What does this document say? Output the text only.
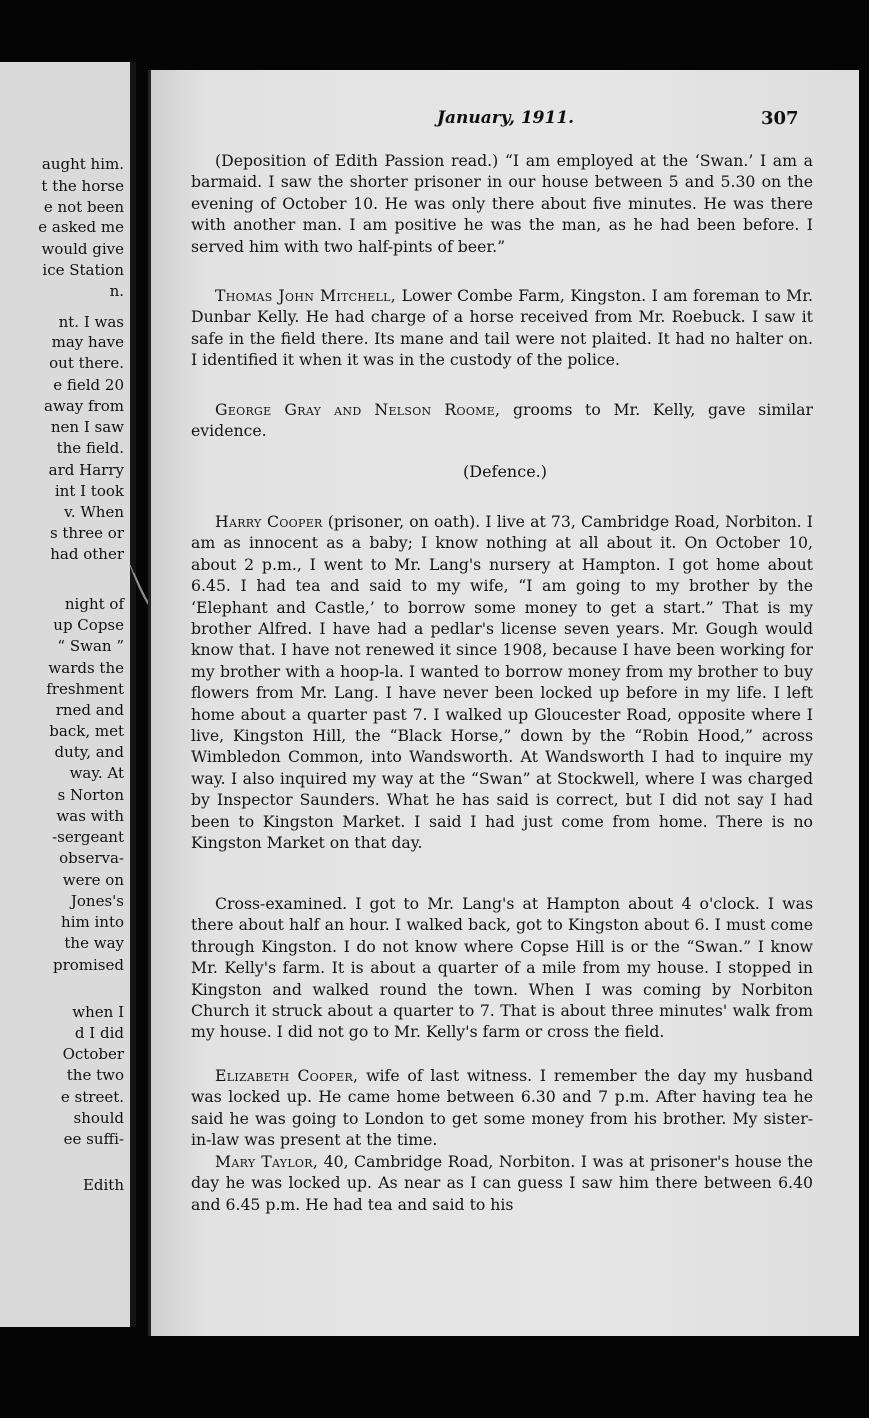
aught him.
t the horse
e not been
e asked me
would give
ice Station
n.
nt. I was
may have
out there.
e field 20
away from
nen I saw
the field.
ard Harry
int I took
v. When
s three or
had other
night of
up Copse
“ Swan ”
wards the
freshment
rned and
back, met
duty, and
way. At
s Norton
was with
-sergeant
observa-
were on
Jones's
him into
the way
promised
when I
d I did
October
the two
e street.
should
ee suffi-
Edith
January, 1911.	307

(Deposition of Edith Passion read.) “I am employed at the ‘Swan.’ I am a barmaid. I saw the shorter prisoner in our house between 5 and 5.30 on the evening of October 10. He was only there about five minutes. He was there with another man. I am positive he was the man, as he had been before. I served him with two half-pints of beer.”

Thomas John Mitchell, Lower Combe Farm, Kingston. I am foreman to Mr. Dunbar Kelly. He had charge of a horse received from Mr. Roebuck. I saw it safe in the field there. Its mane and tail were not plaited. It had no halter on. I identified it when it was in the custody of the police.

George Gray and Nelson Roome, grooms to Mr. Kelly, gave similar evidence.

(Defence.)

Harry Cooper (prisoner, on oath). I live at 73, Cambridge Road, Norbiton. I am as innocent as a baby; I know nothing at all about it. On October 10, about 2 p.m., I went to Mr. Lang's nursery at Hampton. I got home about 6.45. I had tea and said to my wife, “I am going to my brother by the ‘Elephant and Castle,’ to borrow some money to get a start.” That is my brother Alfred. I have had a pedlar's license seven years. Mr. Gough would know that. I have not renewed it since 1908, because I have been working for my brother with a hoop-la. I wanted to borrow money from my brother to buy flowers from Mr. Lang. I have never been locked up before in my life. I left home about a quarter past 7. I walked up Gloucester Road, opposite where I live, Kingston Hill, the “Black Horse,” down by the “Robin Hood,” across Wimbledon Common, into Wandsworth. At Wandsworth I had to inquire my way. I also inquired my way at the “Swan” at Stockwell, where I was charged by Inspector Saunders. What he has said is correct, but I did not say I had been to Kingston Market. I said I had just come from home. There is no Kingston Market on that day.

Cross-examined. I got to Mr. Lang's at Hampton about 4 o'clock. I was there about half an hour. I walked back, got to Kingston about 6. I must come through Kingston. I do not know where Copse Hill is or the “Swan.” I know Mr. Kelly's farm. It is about a quarter of a mile from my house. I stopped in Kingston and walked round the town. When I was coming by Norbiton Church it struck about a quarter to 7. That is about three minutes' walk from my house. I did not go to Mr. Kelly's farm or cross the field.

Elizabeth Cooper, wife of last witness. I remember the day my husband was locked up. He came home between 6.30 and 7 p.m. After having tea he said he was going to London to get some money from his brother. My sister-in-law was present at the time.

Mary Taylor, 40, Cambridge Road, Norbiton. I was at prisoner's house the day he was locked up. As near as I can guess I saw him there between 6.40 and 6.45 p.m. He had tea and said to his
